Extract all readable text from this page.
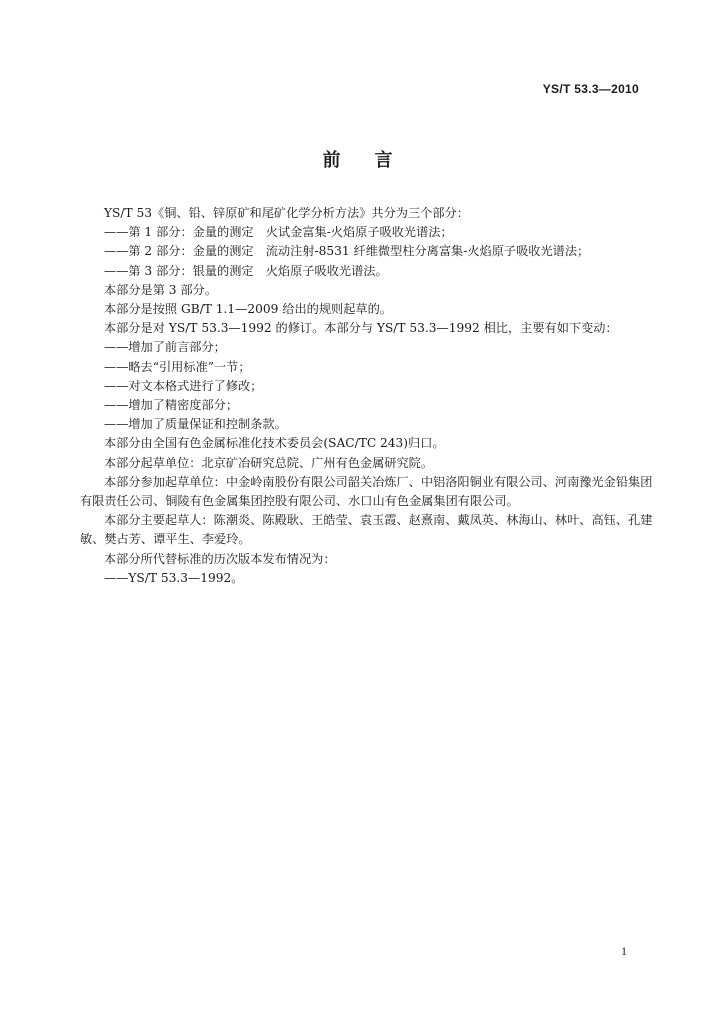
YS/T 53.3—2010
前言
YS/T 53《铜、铅、锌原矿和尾矿化学分析方法》共分为三个部分：
——第 1 部分：金量的测定　火试金富集-火焰原子吸收光谱法；
——第 2 部分：金量的测定　流动注射-8531 纤维微型柱分离富集-火焰原子吸收光谱法；
——第 3 部分：银量的测定　火焰原子吸收光谱法。
本部分是第 3 部分。
本部分是按照 GB/T 1.1—2009 给出的规则起草的。
本部分是对 YS/T 53.3—1992 的修订。本部分与 YS/T 53.3—1992 相比，主要有如下变动：
——增加了前言部分；
——略去“引用标准”一节；
——对文本格式进行了修改；
——增加了精密度部分；
——增加了质量保证和控制条款。
本部分由全国有色金属标准化技术委员会(SAC/TC 243)归口。
本部分起草单位：北京矿冶研究总院、广州有色金属研究院。
本部分参加起草单位：中金岭南股份有限公司韶关冶炼厂、中铝洛阳铜业有限公司、河南豫光金铅集团有限责任公司、铜陵有色金属集团控股有限公司、水口山有色金属集团有限公司。
本部分主要起草人：陈潮炎、陈殿耿、王皓莹、袁玉霞、赵熹南、戴凤英、林海山、林叶、高钰、孔建敏、樊占芳、谭平生、李爱玲。
本部分所代替标准的历次版本发布情况为：
——YS/T 53.3—1992。
1
